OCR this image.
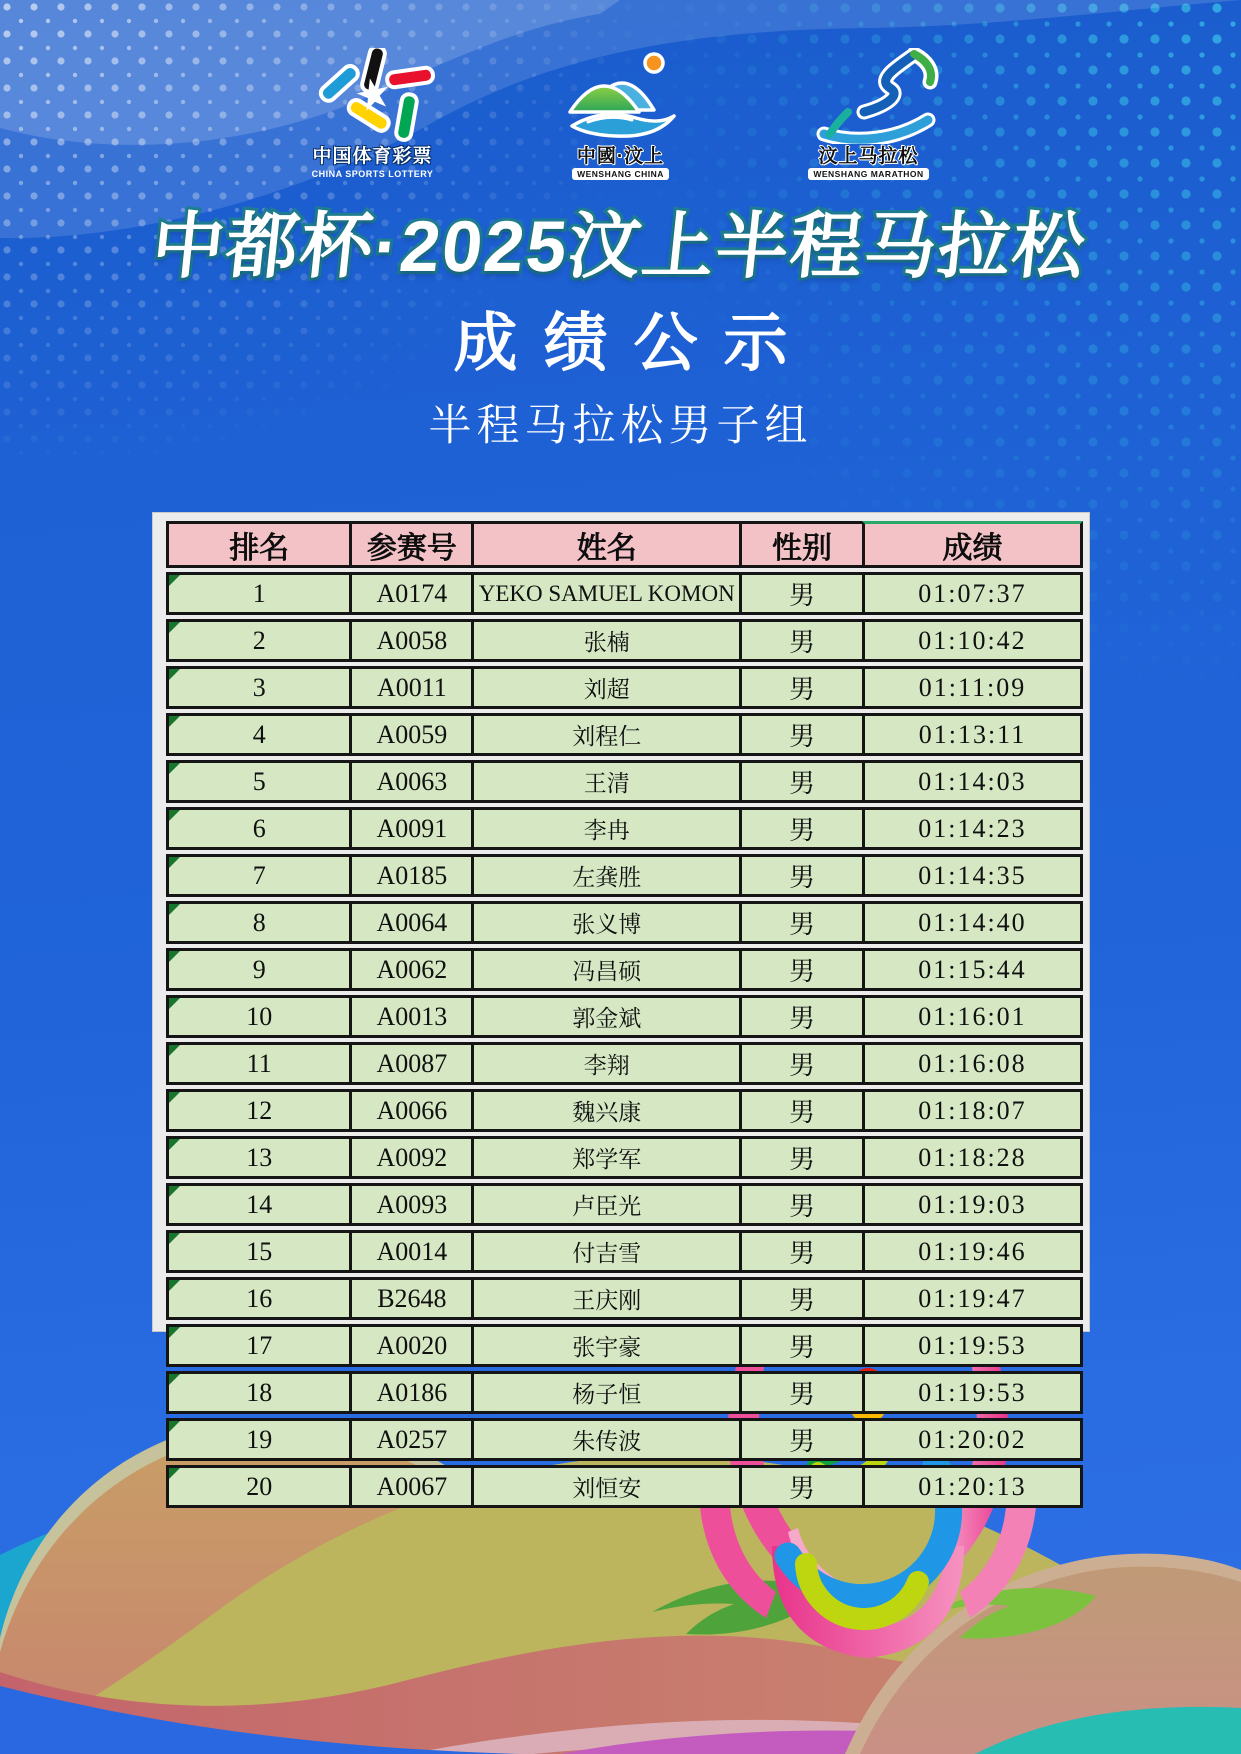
中国体育彩票
CHINA SPORTS LOTTERY
中國·汶上
WENSHANG CHINA
汶上马拉松
WENSHANG MARATHON
中都杯·2025汶上半程马拉松
成绩公示
半程马拉松男子组
排名	参赛号	姓名	性别	成绩
1	A0174	YEKO SAMUEL KOMON	男	01:07:37
2	A0058	张楠	男	01:10:42
3	A0011	刘超	男	01:11:09
4	A0059	刘程仁	男	01:13:11
5	A0063	王清	男	01:14:03
6	A0091	李冉	男	01:14:23
7	A0185	左龚胜	男	01:14:35
8	A0064	张义博	男	01:14:40
9	A0062	冯昌硕	男	01:15:44
10	A0013	郭金斌	男	01:16:01
11	A0087	李翔	男	01:16:08
12	A0066	魏兴康	男	01:18:07
13	A0092	郑学军	男	01:18:28
14	A0093	卢臣光	男	01:19:03
15	A0014	付吉雪	男	01:19:46
16	B2648	王庆刚	男	01:19:47
17	A0020	张宇豪	男	01:19:53
18	A0186	杨子恒	男	01:19:53
19	A0257	朱传波	男	01:20:02
20	A0067	刘恒安	男	01:20:13
